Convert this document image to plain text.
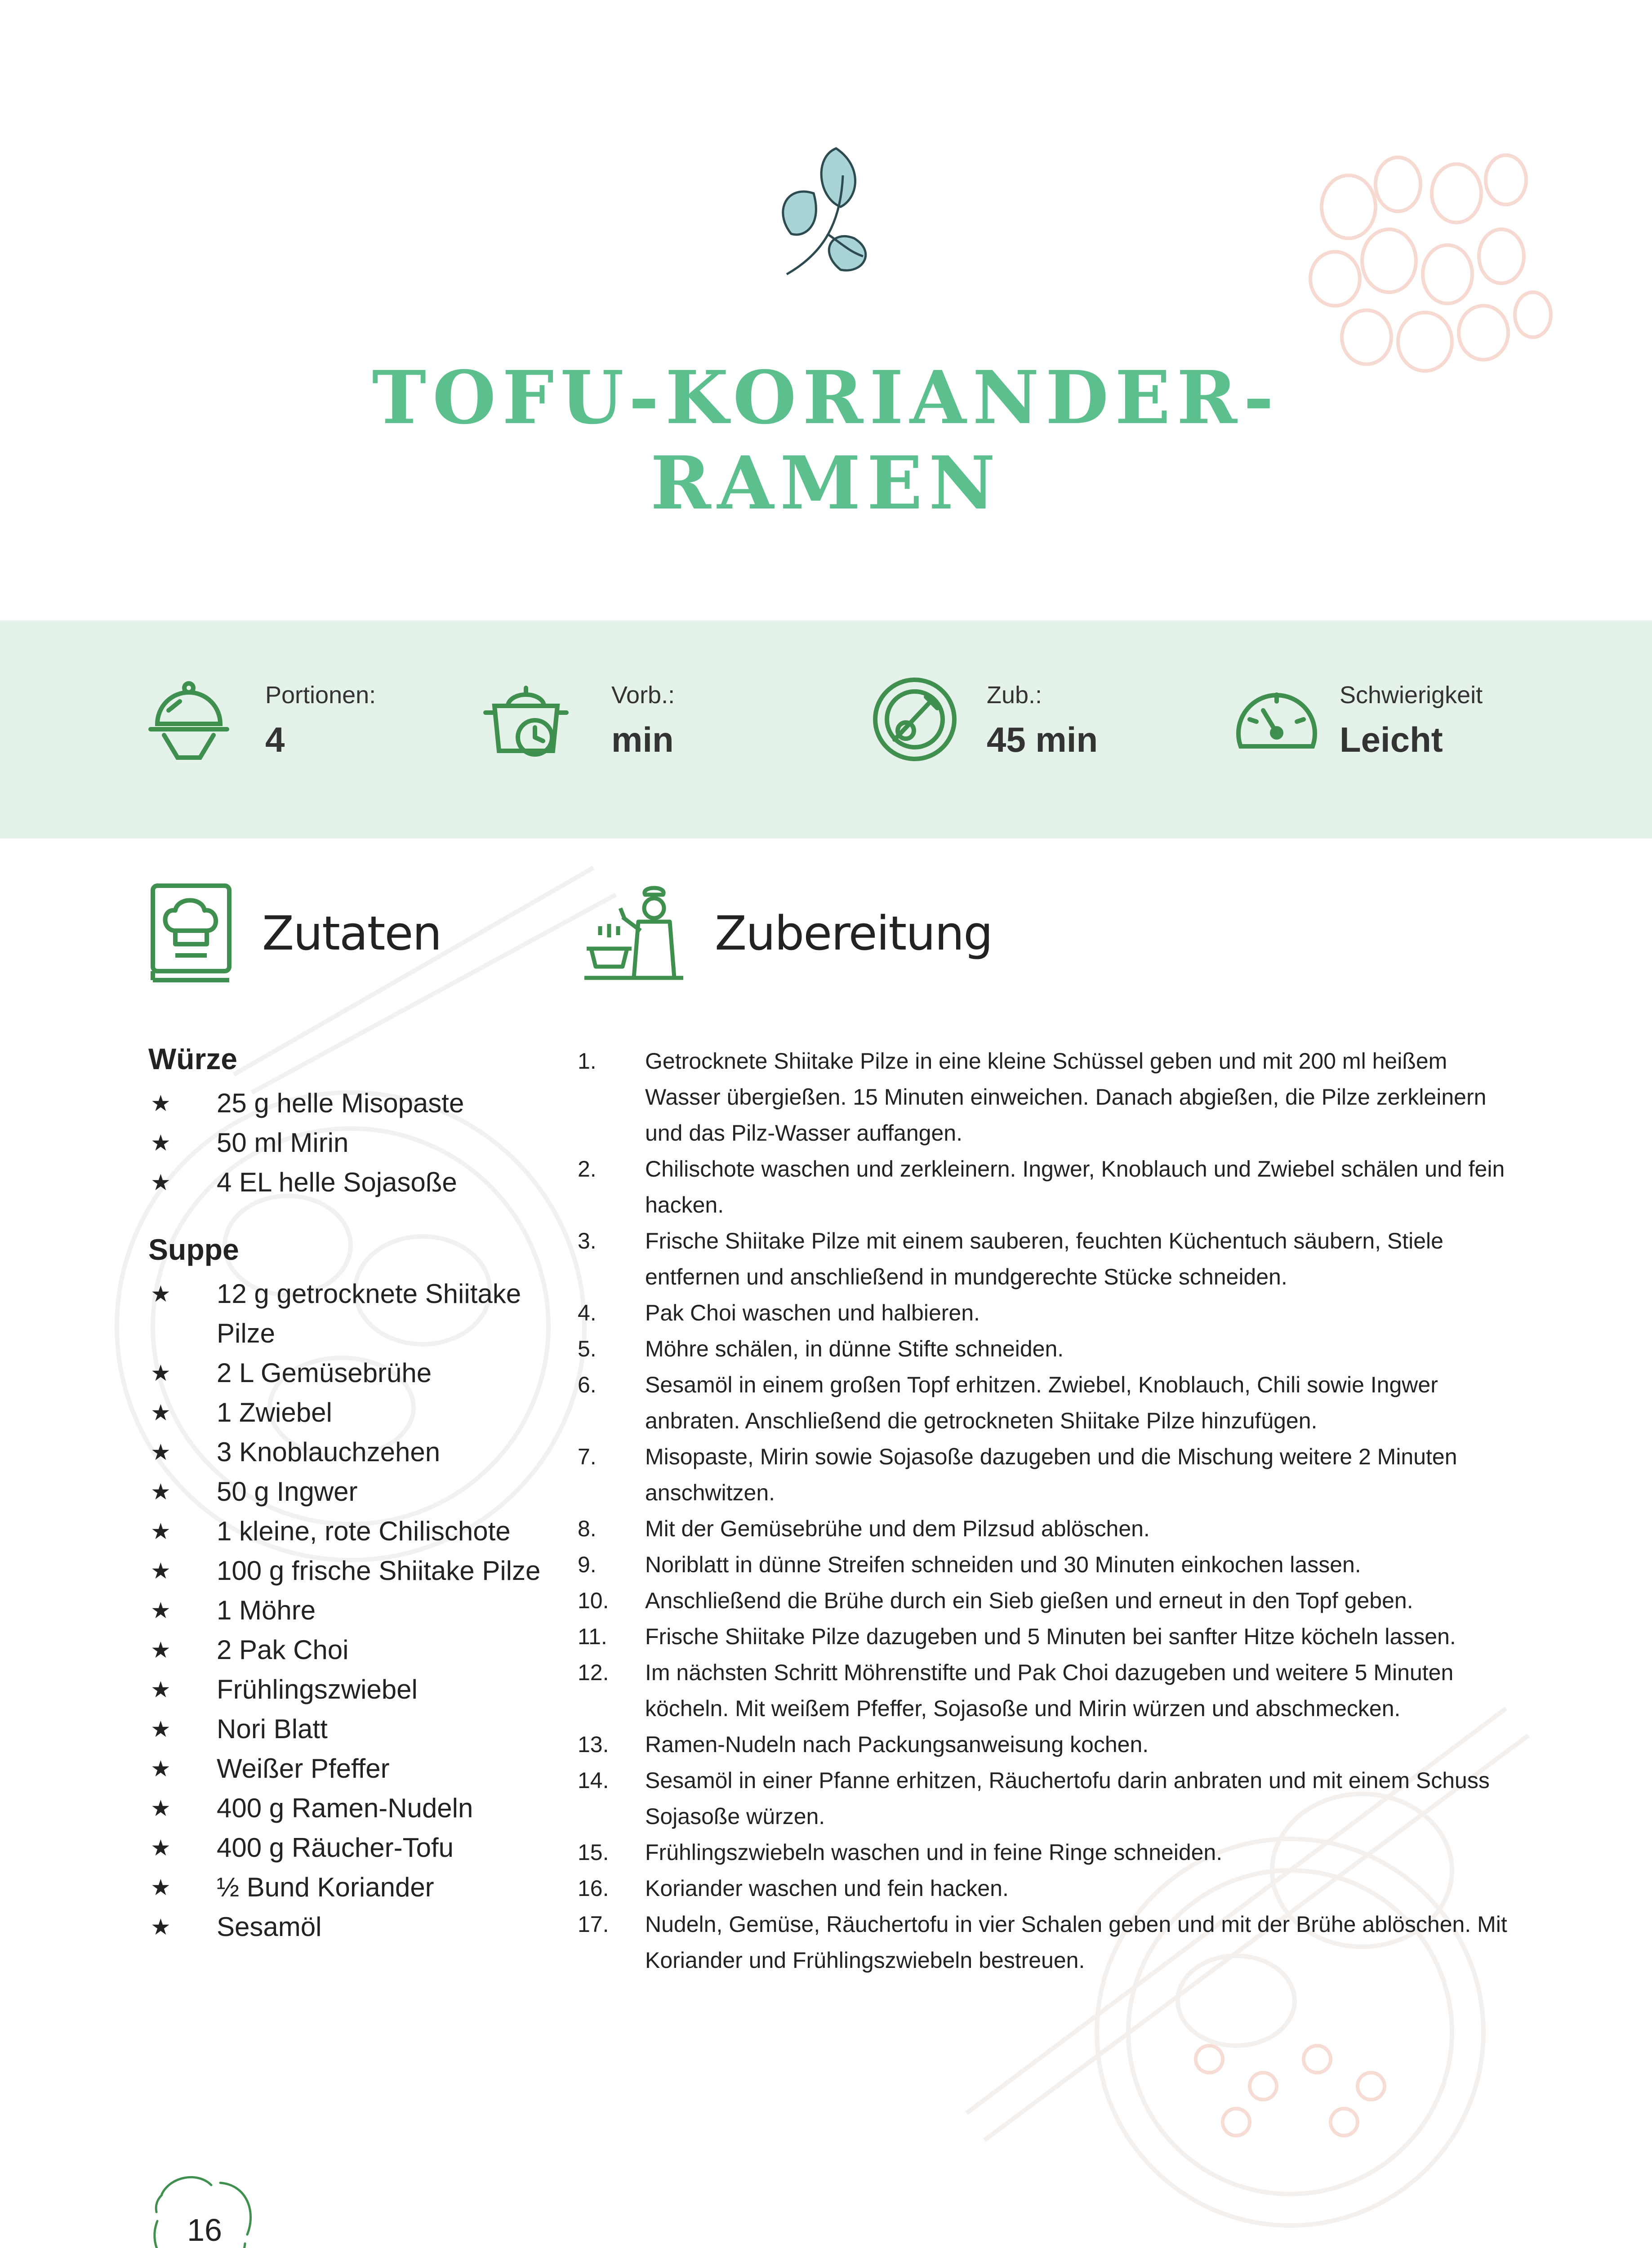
TOFU-KORIANDER-
RAMEN
Portionen:
4
Vorb.:
min
Zub.:
45 min
Schwierigkeit
Leicht
Zutaten	Zubereitung
Würze
★ 25 g helle Misopaste
★ 50 ml Mirin
★ 4 EL helle Sojasoße
Suppe
★ 12 g getrocknete Shiitake Pilze
★ 2 L Gemüsebrühe
★ 1 Zwiebel
★ 3 Knoblauchzehen
★ 50 g Ingwer
★ 1 kleine, rote Chilischote
★ 100 g frische Shiitake Pilze
★ 1 Möhre
★ 2 Pak Choi
★ Frühlingszwiebel
★ Nori Blatt
★ Weißer Pfeffer
★ 400 g Ramen-Nudeln
★ 400 g Räucher-Tofu
★ ½ Bund Koriander
★ Sesamöl
1. Getrocknete Shiitake Pilze in eine kleine Schüssel geben und mit 200 ml heißem Wasser übergießen. 15 Minuten einweichen. Danach abgießen, die Pilze zerkleinern und das Pilz-Wasser auffangen.
2. Chilischote waschen und zerkleinern. Ingwer, Knoblauch und Zwiebel schälen und fein hacken.
3. Frische Shiitake Pilze mit einem sauberen, feuchten Küchentuch säubern, Stiele entfernen und anschließend in mundgerechte Stücke schneiden.
4. Pak Choi waschen und halbieren.
5. Möhre schälen, in dünne Stifte schneiden.
6. Sesamöl in einem großen Topf erhitzen. Zwiebel, Knoblauch, Chili sowie Ingwer anbraten. Anschließend die getrockneten Shiitake Pilze hinzufügen.
7. Misopaste, Mirin sowie Sojasoße dazugeben und die Mischung weitere 2 Minuten anschwitzen.
8. Mit der Gemüsebrühe und dem Pilzsud ablöschen.
9. Noriblatt in dünne Streifen schneiden und 30 Minuten einkochen lassen.
10. Anschließend die Brühe durch ein Sieb gießen und erneut in den Topf geben.
11. Frische Shiitake Pilze dazugeben und 5 Minuten bei sanfter Hitze köcheln lassen.
12. Im nächsten Schritt Möhrenstifte und Pak Choi dazugeben und weitere 5 Minuten köcheln. Mit weißem Pfeffer, Sojasoße und Mirin würzen und abschmecken.
13. Ramen-Nudeln nach Packungsanweisung kochen.
14. Sesamöl in einer Pfanne erhitzen, Räuchertofu darin anbraten und mit einem Schuss Sojasoße würzen.
15. Frühlingszwiebeln waschen und in feine Ringe schneiden.
16. Koriander waschen und fein hacken.
17. Nudeln, Gemüse, Räuchertofu in vier Schalen geben und mit der Brühe ablöschen. Mit Koriander und Frühlingszwiebeln bestreuen.
16
